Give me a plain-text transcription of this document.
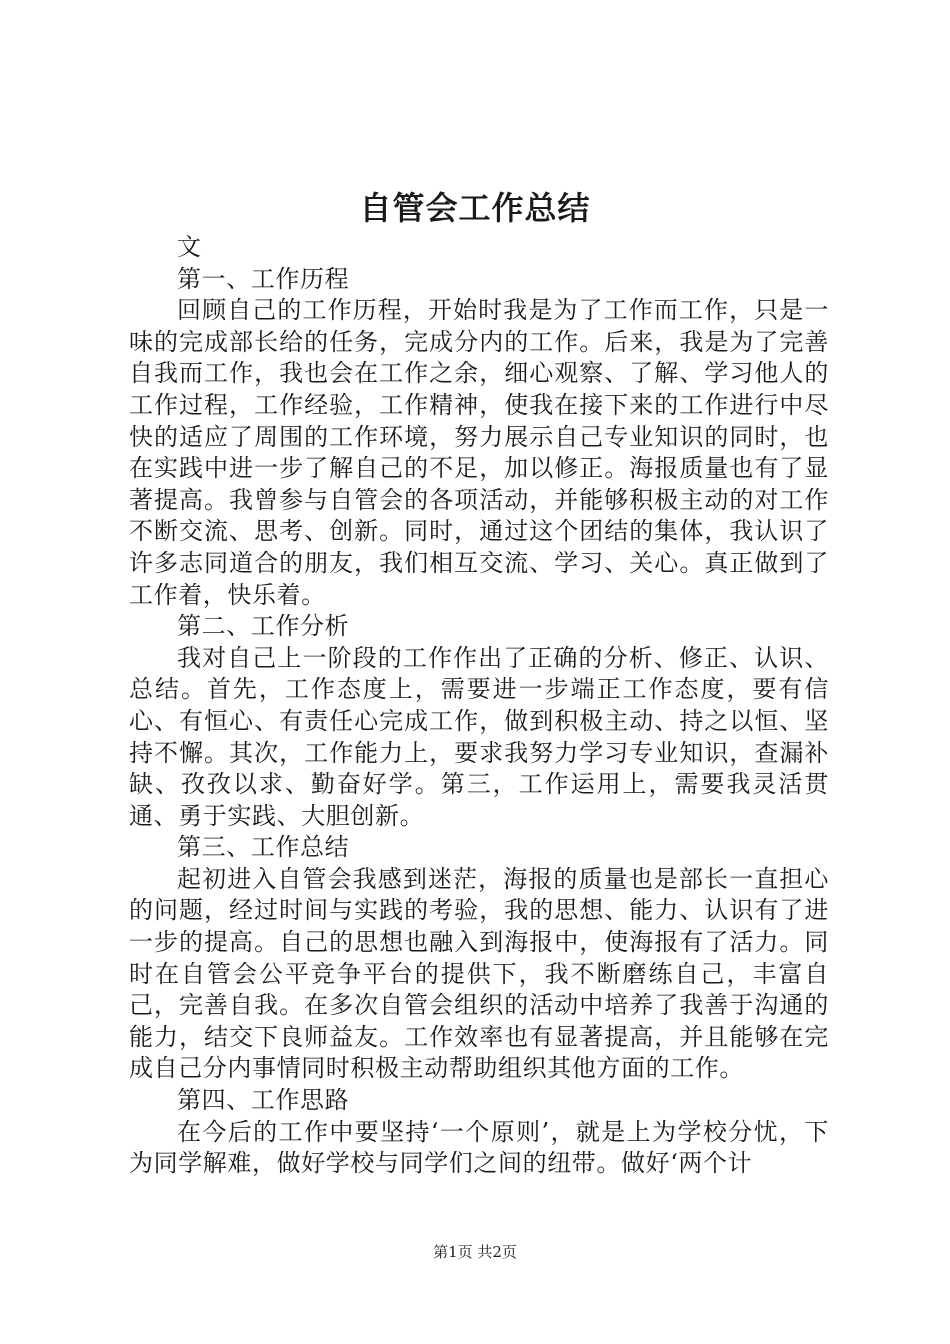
自管会工作总结

文

第一、工作历程

回顾自己的工作历程，开始时我是为了工作而工作，只是一味的完成部长给的任务，完成分内的工作。后来，我是为了完善自我而工作，我也会在工作之余，细心观察、了解、学习他人的工作过程，工作经验，工作精神，使我在接下来的工作进行中尽快的适应了周围的工作环境，努力展示自己专业知识的同时，也在实践中进一步了解自己的不足，加以修正。海报质量也有了显著提高。我曾参与自管会的各项活动，并能够积极主动的对工作不断交流、思考、创新。同时，通过这个团结的集体，我认识了许多志同道合的朋友，我们相互交流、学习、关心。真正做到了工作着，快乐着。

第二、工作分析

我对自己上一阶段的工作作出了正确的分析、修正、认识、总结。首先，工作态度上，需要进一步端正工作态度，要有信心、有恒心、有责任心完成工作，做到积极主动、持之以恒、坚持不懈。其次，工作能力上，要求我努力学习专业知识，查漏补缺、孜孜以求、勤奋好学。第三，工作运用上，需要我灵活贯通、勇于实践、大胆创新。

第三、工作总结

起初进入自管会我感到迷茫，海报的质量也是部长一直担心的问题，经过时间与实践的考验，我的思想、能力、认识有了进一步的提高。自己的思想也融入到海报中，使海报有了活力。同时在自管会公平竞争平台的提供下，我不断磨练自己，丰富自己，完善自我。在多次自管会组织的活动中培养了我善于沟通的能力，结交下良师益友。工作效率也有显著提高，并且能够在完成自己分内事情同时积极主动帮助组织其他方面的工作。

第四、工作思路

在今后的工作中要坚持‘一个原则’，就是上为学校分忧，下为同学解难，做好学校与同学们之间的纽带。做好‘两个计

第1页 共2页
